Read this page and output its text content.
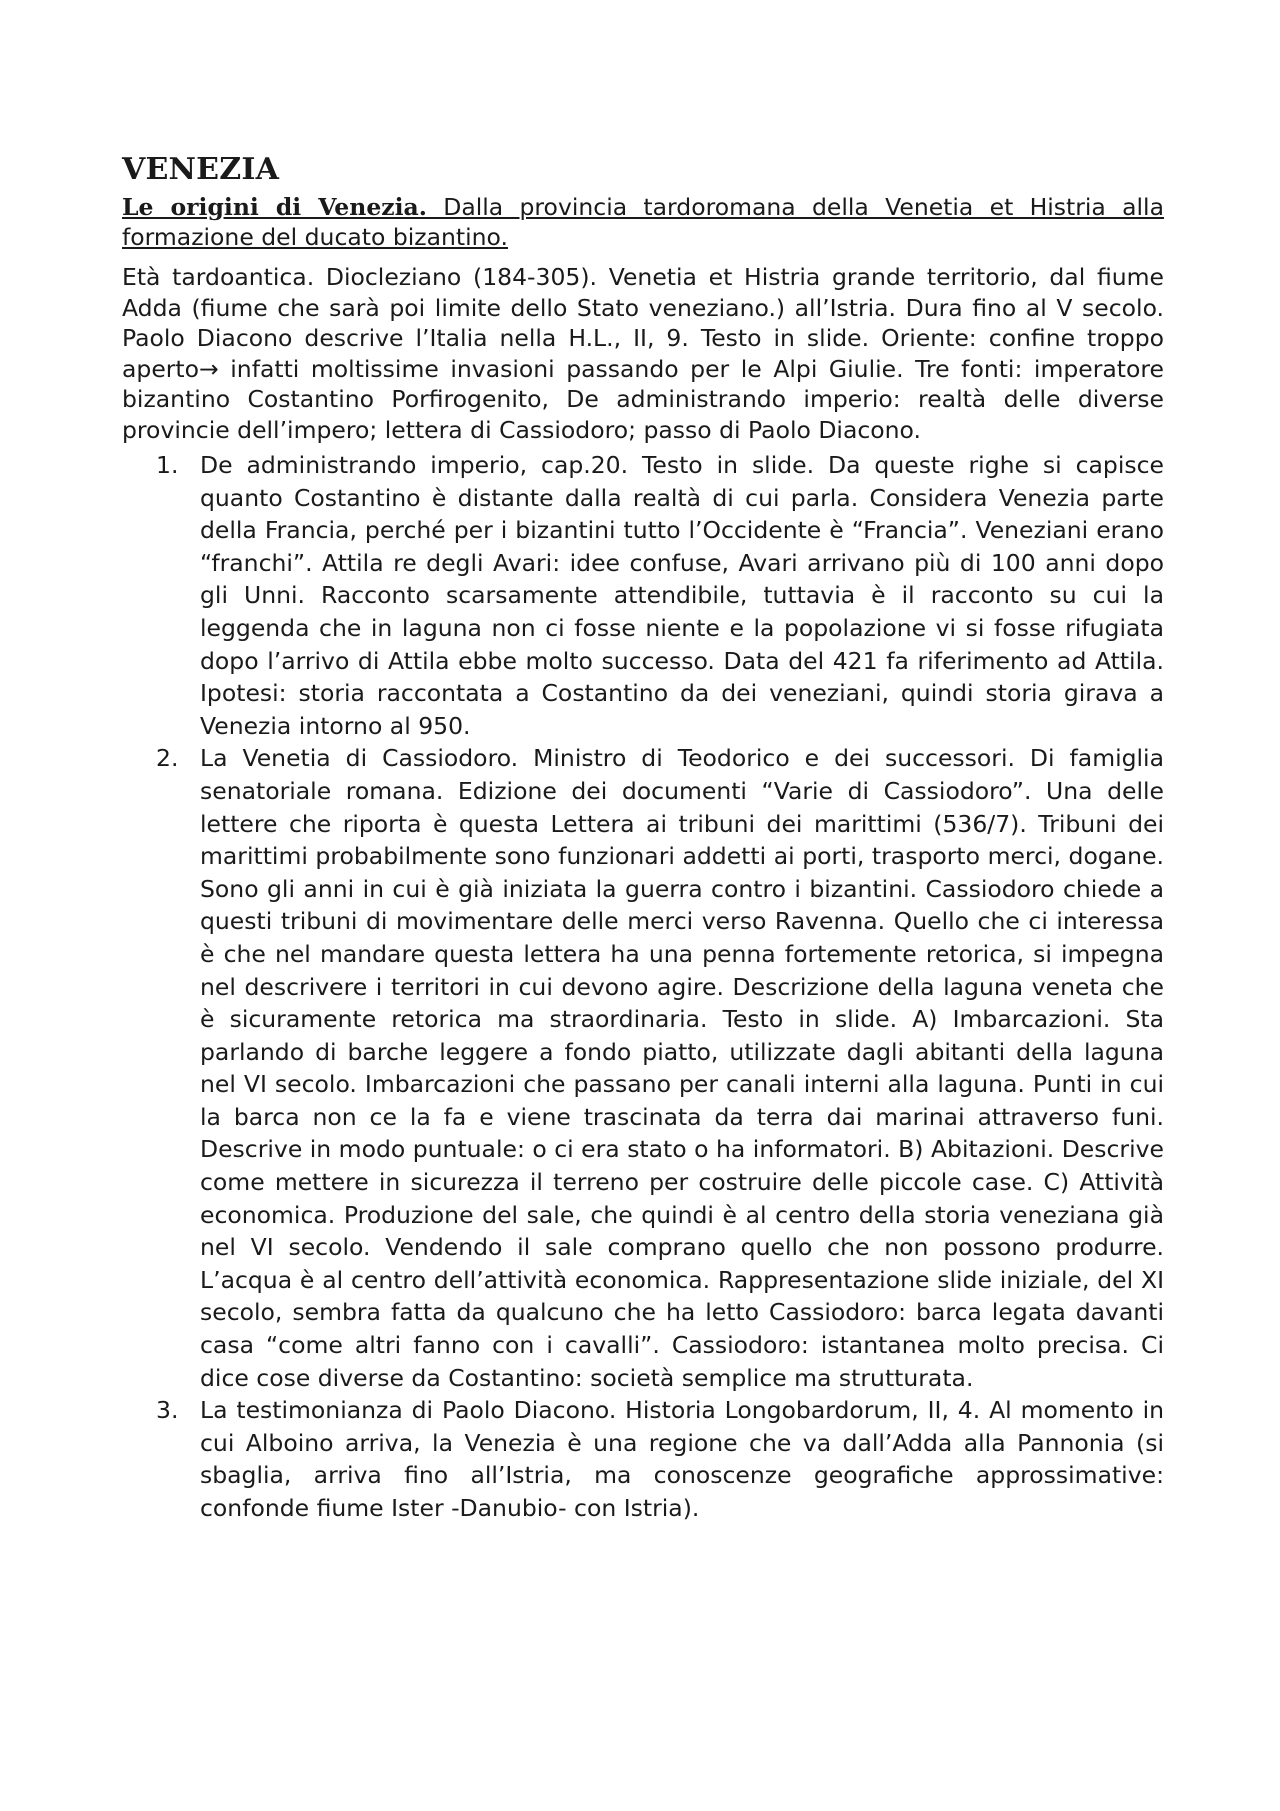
VENEZIA

Le origini di Venezia. Dalla provincia tardoromana della Venetia et Histria alla formazione del ducato bizantino.

Età tardoantica. Diocleziano (184-305). Venetia et Histria grande territorio, dal fiume Adda (fiume che sarà poi limite dello Stato veneziano.) all’Istria. Dura fino al V secolo. Paolo Diacono descrive l’Italia nella H.L., II, 9. Testo in slide. Oriente: confine troppo aperto→ infatti moltissime invasioni passando per le Alpi Giulie. Tre fonti: imperatore bizantino Costantino Porfirogenito, De administrando imperio: realtà delle diverse provincie dell’impero; lettera di Cassiodoro; passo di Paolo Diacono.

1. De administrando imperio, cap.20. Testo in slide. Da queste righe si capisce quanto Costantino è distante dalla realtà di cui parla. Considera Venezia parte della Francia, perché per i bizantini tutto l’Occidente è “Francia”. Veneziani erano “franchi”. Attila re degli Avari: idee confuse, Avari arrivano più di 100 anni dopo gli Unni. Racconto scarsamente attendibile, tuttavia è il racconto su cui la leggenda che in laguna non ci fosse niente e la popolazione vi si fosse rifugiata dopo l’arrivo di Attila ebbe molto successo. Data del 421 fa riferimento ad Attila. Ipotesi: storia raccontata a Costantino da dei veneziani, quindi storia girava a Venezia intorno al 950.
2. La Venetia di Cassiodoro. Ministro di Teodorico e dei successori. Di famiglia senatoriale romana. Edizione dei documenti “Varie di Cassiodoro”. Una delle lettere che riporta è questa Lettera ai tribuni dei marittimi (536/7). Tribuni dei marittimi probabilmente sono funzionari addetti ai porti, trasporto merci, dogane. Sono gli anni in cui è già iniziata la guerra contro i bizantini. Cassiodoro chiede a questi tribuni di movimentare delle merci verso Ravenna. Quello che ci interessa è che nel mandare questa lettera ha una penna fortemente retorica, si impegna nel descrivere i territori in cui devono agire. Descrizione della laguna veneta che è sicuramente retorica ma straordinaria. Testo in slide. A) Imbarcazioni. Sta parlando di barche leggere a fondo piatto, utilizzate dagli abitanti della laguna nel VI secolo. Imbarcazioni che passano per canali interni alla laguna. Punti in cui la barca non ce la fa e viene trascinata da terra dai marinai attraverso funi. Descrive in modo puntuale: o ci era stato o ha informatori. B) Abitazioni. Descrive come mettere in sicurezza il terreno per costruire delle piccole case. C) Attività economica. Produzione del sale, che quindi è al centro della storia veneziana già nel VI secolo. Vendendo il sale comprano quello che non possono produrre. L’acqua è al centro dell’attività economica. Rappresentazione slide iniziale, del XI secolo, sembra fatta da qualcuno che ha letto Cassiodoro: barca legata davanti casa “come altri fanno con i cavalli”. Cassiodoro: istantanea molto precisa. Ci dice cose diverse da Costantino: società semplice ma strutturata.
3. La testimonianza di Paolo Diacono. Historia Longobardorum, II, 4. Al momento in cui Alboino arriva, la Venezia è una regione che va dall’Adda alla Pannonia (si sbaglia, arriva fino all’Istria, ma conoscenze geografiche approssimative: confonde fiume Ister -Danubio- con Istria).
